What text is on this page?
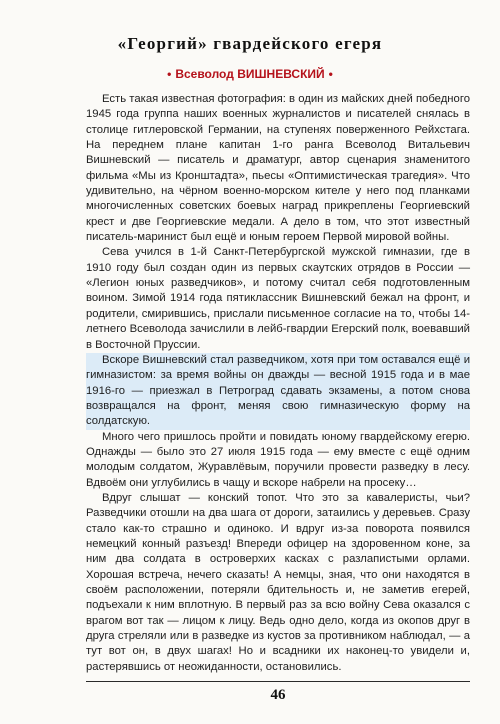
«Георгий» гвардейского егеря
• Всеволод ВИШНЕВСКИЙ •

Есть такая известная фотография: в один из майских дней победного 1945 года группа наших военных журналистов и писателей снялась в столице гитлеровской Германии, на ступенях поверженного Рейхстага. На переднем плане капитан 1-го ранга Всеволод Витальевич Вишневский — писатель и драматург, автор сценария знаменитого фильма «Мы из Кронштадта», пьесы «Оптимистическая трагедия». Что удивительно, на чёрном военно-морском кителе у него под планками многочисленных советских боевых наград прикреплены Георгиевский крест и две Георгиевские медали. А дело в том, что этот известный писатель-маринист был ещё и юным героем Первой мировой войны.

Сева учился в 1-й Санкт-Петербургской мужской гимназии, где в 1910 году был создан один из первых скаутских отрядов в России — «Легион юных разведчиков», и потому считал себя подготовленным воином. Зимой 1914 года пятиклассник Вишневский бежал на фронт, и родители, смирившись, прислали письменное согласие на то, чтобы 14-летнего Всеволода зачислили в лейб-гвардии Егерский полк, воевавший в Восточной Пруссии.

Вскоре Вишневский стал разведчиком, хотя при том оставался ещё и гимназистом: за время войны он дважды — весной 1915 года и в мае 1916-го — приезжал в Петроград сдавать экзамены, а потом снова возвращался на фронт, меняя свою гимназическую форму на солдатскую.

Много чего пришлось пройти и повидать юному гвардейскому егерю. Однажды — было это 27 июля 1915 года — ему вместе с ещё одним молодым солдатом, Журавлёвым, поручили провести разведку в лесу. Вдвоём они углубились в чащу и вскоре набрели на просеку…

Вдруг слышат — конский топот. Что это за кавалеристы, чьи? Разведчики отошли на два шага от дороги, затаились у деревьев. Сразу стало как-то страшно и одиноко. И вдруг из-за поворота появился немецкий конный разъезд! Впереди офицер на здоровенном коне, за ним два солдата в островерхих касках с разлапистыми орлами. Хорошая встреча, нечего сказать! А немцы, зная, что они находятся в своём расположении, потеряли бдительность и, не заметив егерей, подъехали к ним вплотную. В первый раз за всю войну Сева оказался с врагом вот так — лицом к лицу. Ведь одно дело, когда из окопов друг в друга стреляли или в разведке из кустов за противником наблюдал, — а тут вот он, в двух шагах! Но и всадники их наконец-то увидели и, растерявшись от неожиданности, остановились.

46
